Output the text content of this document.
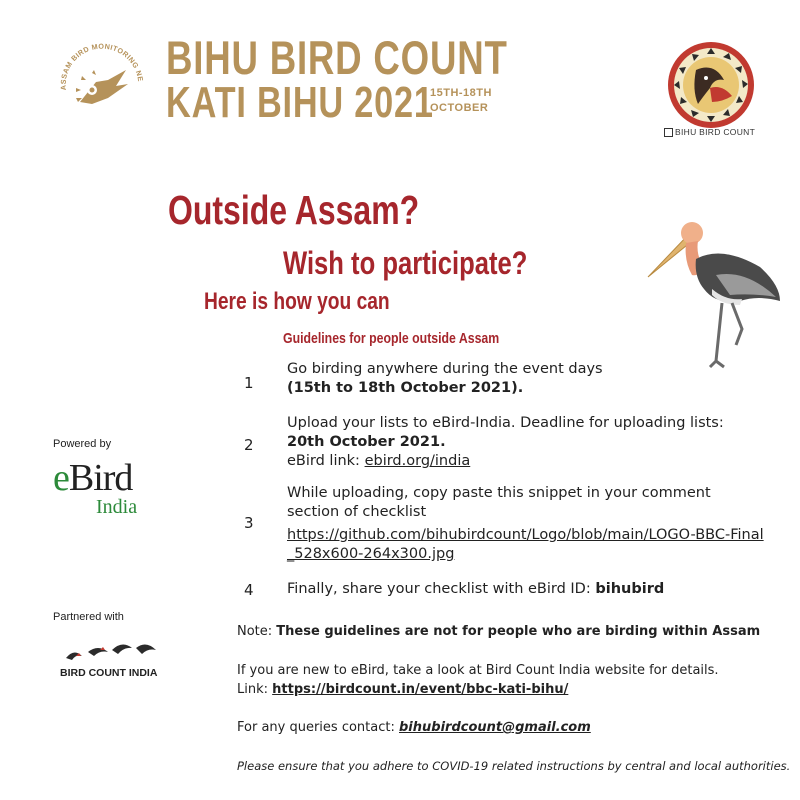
ASSAM BIRD MONITORING NE BIHU BIRD COUNT
KATI BIHU 2021
15TH-18TH
OCTOBER
BIHU BIRD COUNT
Outside Assam?
Wish to participate?
Here is how you can
Guidelines for people outside Assam
1
Go birding anywhere during the event days
(15th to 18th October 2021).
2
Upload your lists to eBird-India. Deadline for uploading lists:
20th October 2021.
eBird link: ebird.org/india
3
While uploading, copy paste this snippet in your comment section of checklist
https://github.com/bihubirdcount/Logo/blob/main/LOGO-BBC-Final_528x600-264x300.jpg
4 Finally, share your checklist with eBird ID: bihubird
Powered by
eBird
India
Partnered with
BIRD COUNT INDIA
Note: These guidelines are not for people who are birding within Assam
If you are new to eBird, take a look at Bird Count India website for details.
Link: https://birdcount.in/event/bbc-kati-bihu/
For any queries contact: bihubirdcount@gmail.com
Please ensure that you adhere to COVID-19 related instructions by central and local authorities.
